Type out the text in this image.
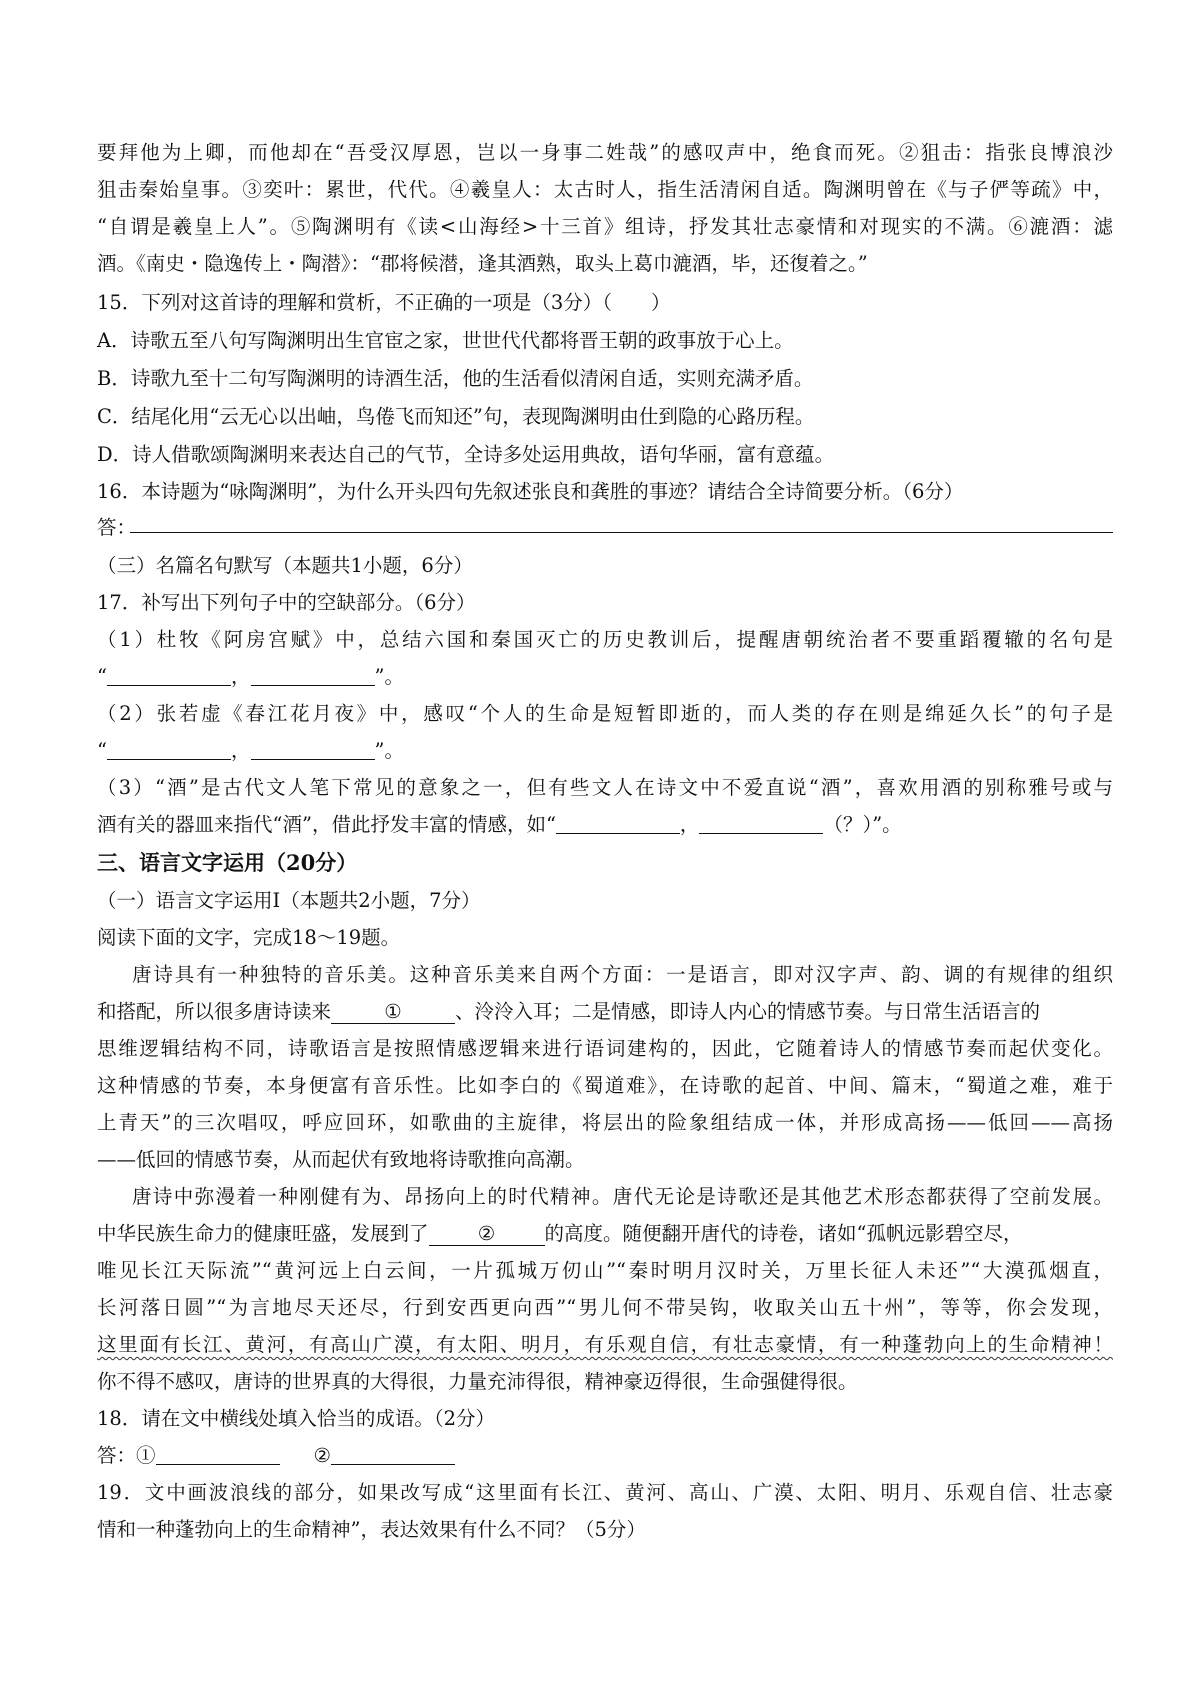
要拜他为上卿，而他却在“吾受汉厚恩，岂以一身事二姓哉”的感叹声中，绝食而死。②狙击：指张良博浪沙
狙击秦始皇事。③奕叶：累世，代代。④羲皇人：太古时人，指生活清闲自适。陶渊明曾在《与子俨等疏》中，
“自谓是羲皇上人”。⑤陶渊明有《读<山海经>十三首》组诗，抒发其壮志豪情和对现实的不满。⑥漉酒：滤
酒。《南史・隐逸传上・陶潜》：“郡将候潜，逢其酒熟，取头上葛巾漉酒，毕，还復着之。”
15．下列对这首诗的理解和赏析，不正确的一项是（3分）（　　）
A．诗歌五至八句写陶渊明出生官宦之家，世世代代都将晋王朝的政事放于心上。
B．诗歌九至十二句写陶渊明的诗酒生活，他的生活看似清闲自适，实则充满矛盾。
C．结尾化用“云无心以出岫，鸟倦飞而知还”句，表现陶渊明由仕到隐的心路历程。
D．诗人借歌颂陶渊明来表达自己的气节，全诗多处运用典故，语句华丽，富有意蕴。
16．本诗题为“咏陶渊明”，为什么开头四句先叙述张良和龚胜的事迹？请结合全诗简要分析。（6分）
答：
（三）名篇名句默写（本题共1小题，6分）
17．补写出下列句子中的空缺部分。（6分）
（1）杜牧《阿房宫赋》中，总结六国和秦国灭亡的历史教训后，提醒唐朝统治者不要重蹈覆辙的名句是
“	，	”。
（2）张若虚《春江花月夜》中，感叹“个人的生命是短暂即逝的，而人类的存在则是绵延久长”的句子是
“	，	”。
（3）“酒”是古代文人笔下常见的意象之一，但有些文人在诗文中不爱直说“酒”，喜欢用酒的别称雅号或与
酒有关的器皿来指代“酒”，借此抒发丰富的情感，如“	，	（？）”。
三、语言文字运用（20分）
（一）语言文字运用Ⅰ（本题共2小题，7分）
阅读下面的文字，完成18～19题。
唐诗具有一种独特的音乐美。这种音乐美来自两个方面：一是语言，即对汉字声、韵、调的有规律的组织
和搭配，所以很多唐诗读来	①	、泠泠入耳；二是情感，即诗人内心的情感节奏。与日常生活语言的
思维逻辑结构不同，诗歌语言是按照情感逻辑来进行语词建构的，因此，它随着诗人的情感节奏而起伏变化。
这种情感的节奏，本身便富有音乐性。比如李白的《蜀道难》，在诗歌的起首、中间、篇末，“蜀道之难，难于
上青天”的三次唱叹，呼应回环，如歌曲的主旋律，将层出的险象组结成一体，并形成高扬——低回——高扬
——低回的情感节奏，从而起伏有致地将诗歌推向高潮。
唐诗中弥漫着一种刚健有为、昂扬向上的时代精神。唐代无论是诗歌还是其他艺术形态都获得了空前发展。
中华民族生命力的健康旺盛，发展到了	②	的高度。随便翻开唐代的诗卷，诸如“孤帆远影碧空尽，
唯见长江天际流”“黄河远上白云间，一片孤城万仞山”“秦时明月汉时关，万里长征人未还”“大漠孤烟直，
长河落日圆”“为言地尽天还尽，行到安西更向西”“男儿何不带吴钩，收取关山五十州”，等等，你会发现，
这里面有长江、黄河，有高山广漠，有太阳、明月，有乐观自信，有壮志豪情，有一种蓬勃向上的生命精神！
你不得不感叹，唐诗的世界真的大得很，力量充沛得很，精神豪迈得很，生命强健得很。
18．请在文中横线处填入恰当的成语。（2分）
答：①	②
19．文中画波浪线的部分，如果改写成“这里面有长江、黄河、高山、广漠、太阳、明月、乐观自信、壮志豪
情和一种蓬勃向上的生命精神”，表达效果有什么不同？（5分）
